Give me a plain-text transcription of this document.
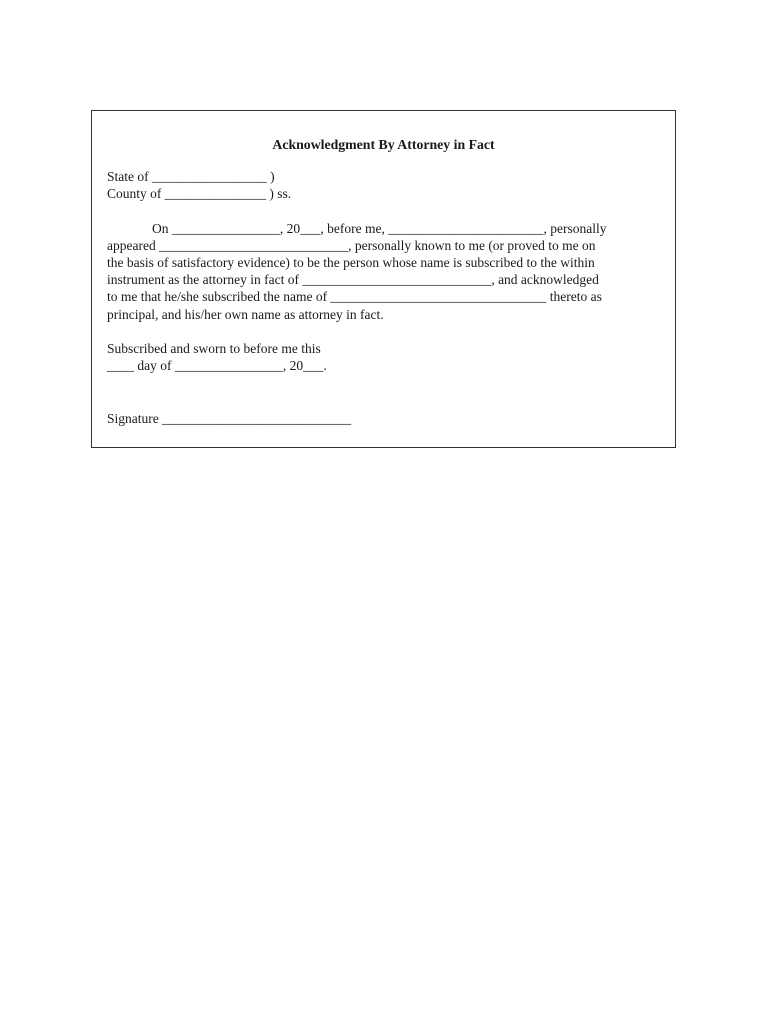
Acknowledgment By Attorney in Fact
State of _________________ )
County of _______________ ) ss.
On ________________, 20___, before me, _______________________, personally
appeared ____________________________, personally known to me (or proved to me on
the basis of satisfactory evidence) to be the person whose name is subscribed to the within
instrument as the attorney in fact of ____________________________, and acknowledged
to me that he/she subscribed the name of ________________________________ thereto as
principal, and his/her own name as attorney in fact.
Subscribed and sworn to before me this
____ day of ________________, 20___.
Signature ____________________________
